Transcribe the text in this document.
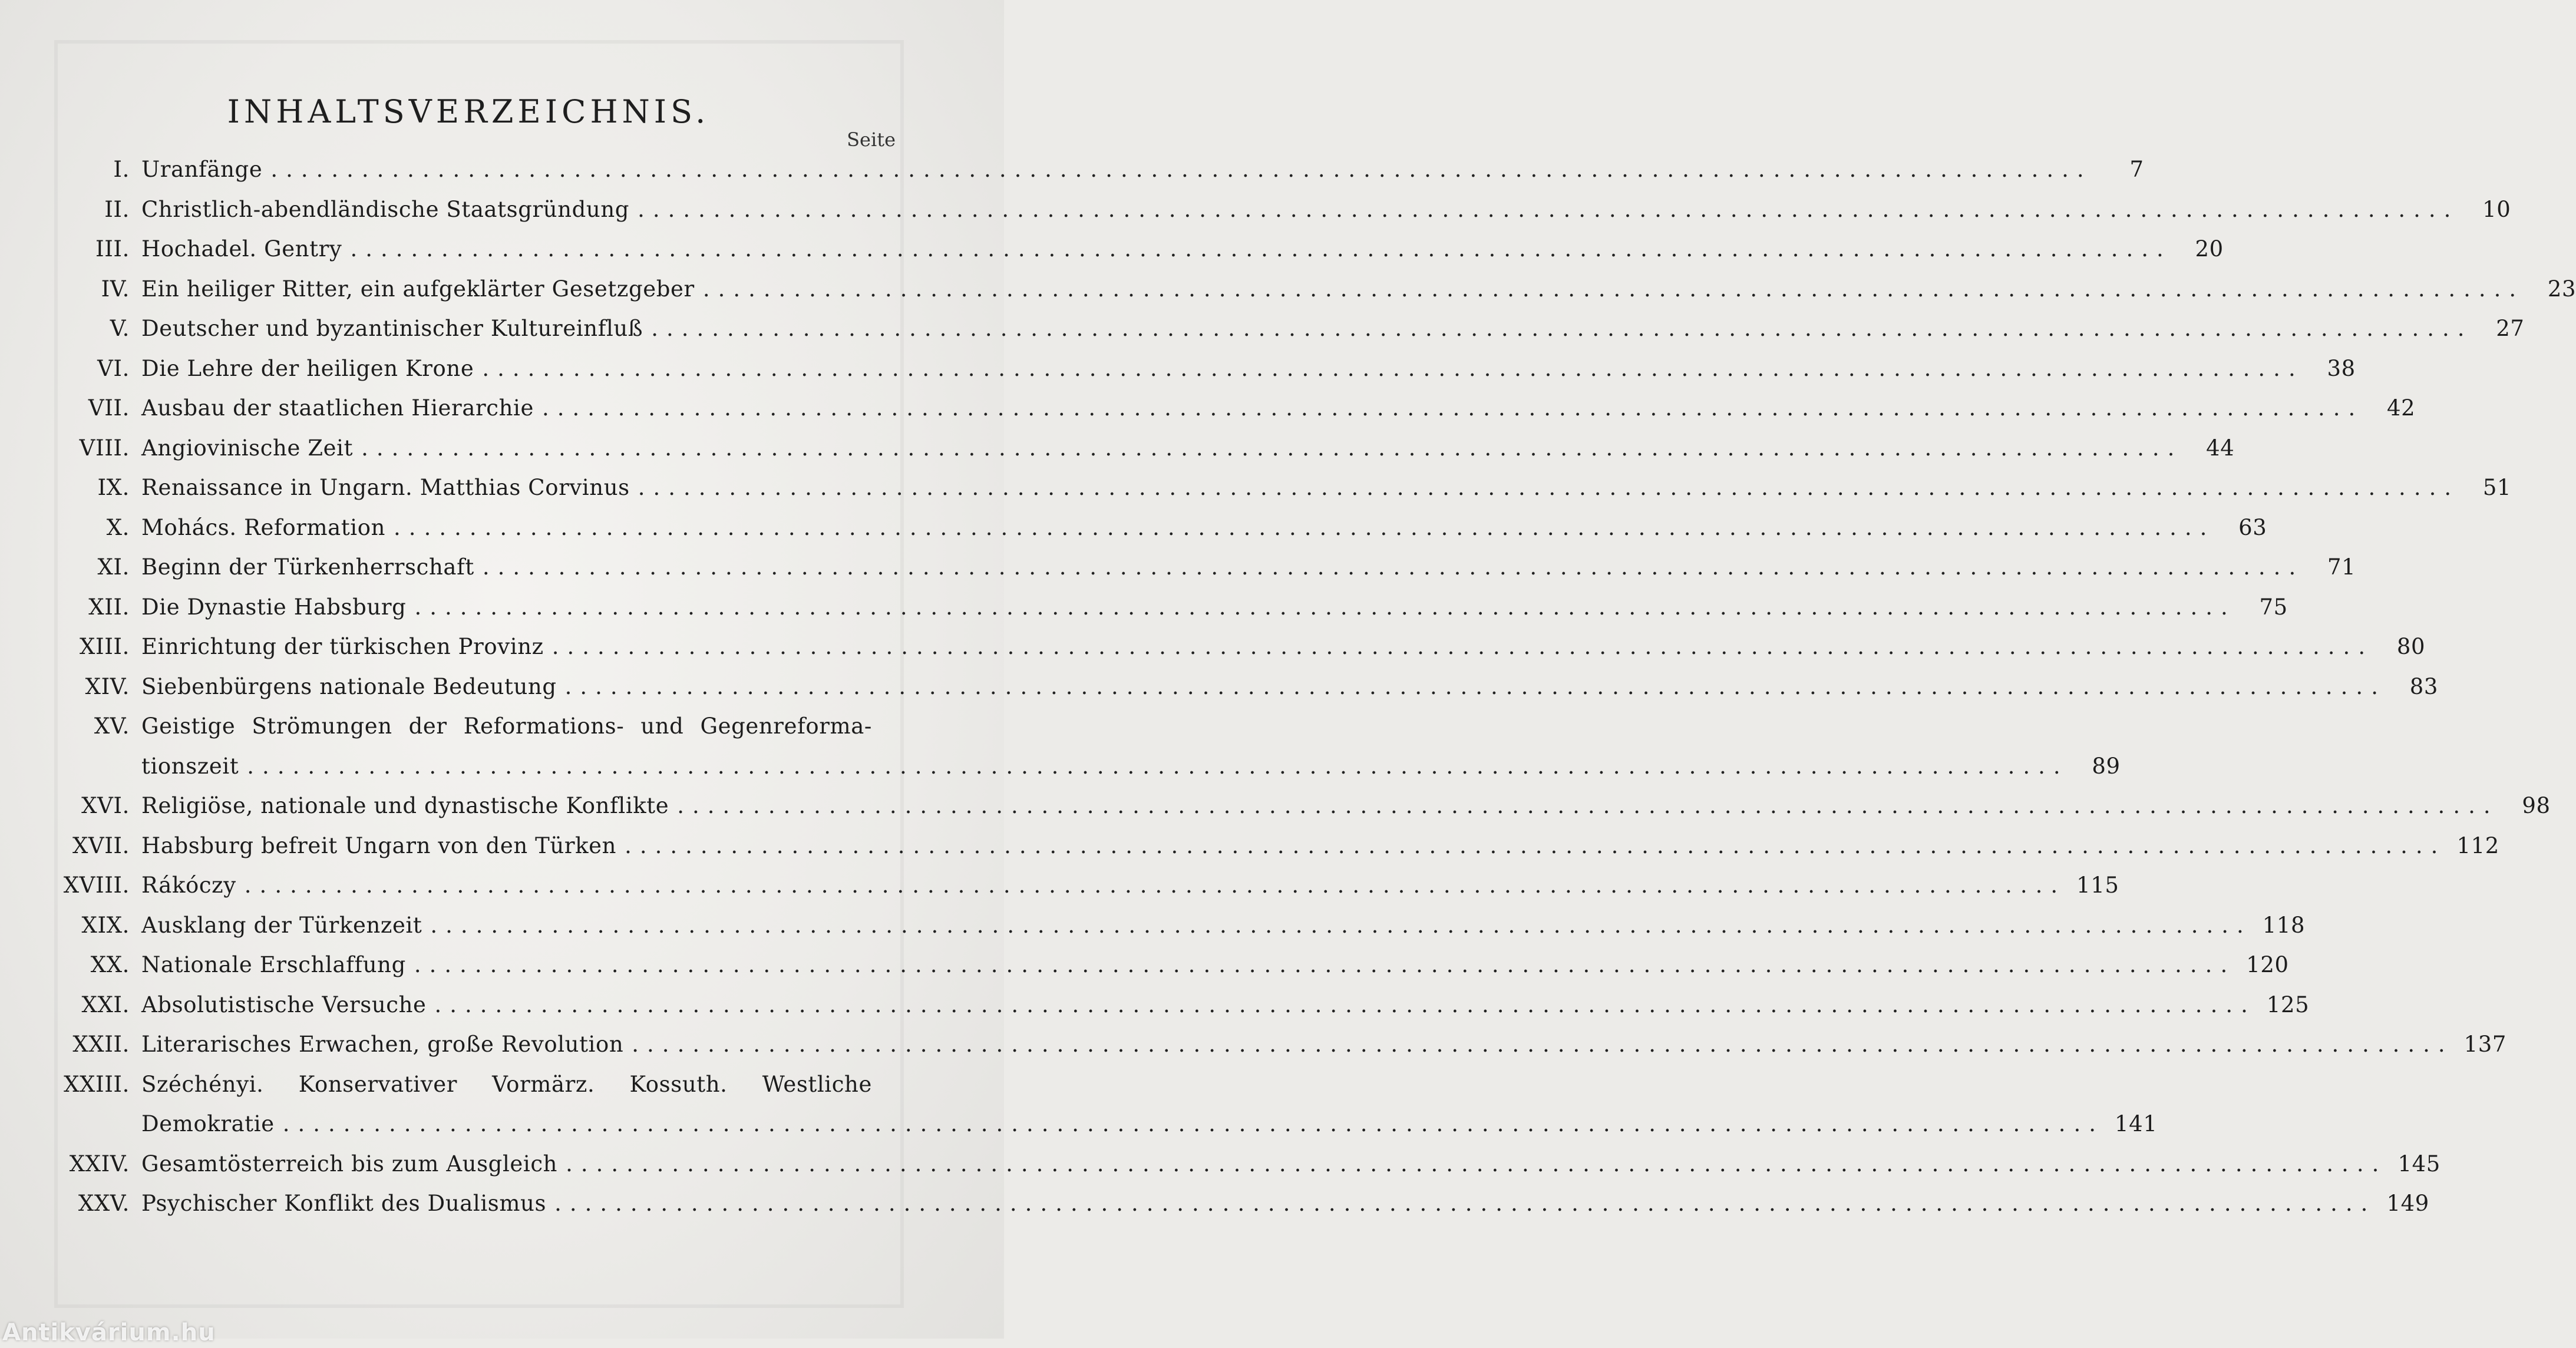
INHALTSVERZEICHNIS.
Seite
I. Uranfänge ........................................................................................................................	7
II. Christlich-abendländische Staatsgründung ........................................................................................................................	10
III. Hochadel. Gentry ........................................................................................................................	20
IV. Ein heiliger Ritter, ein aufgeklärter Gesetzgeber ........................................................................................................................	23
V. Deutscher und byzantinischer Kultureinfluß ........................................................................................................................	27
VI. Die Lehre der heiligen Krone ........................................................................................................................	38
VII. Ausbau der staatlichen Hierarchie ........................................................................................................................	42
VIII. Angiovinische Zeit ........................................................................................................................	44
IX. Renaissance in Ungarn. Matthias Corvinus ........................................................................................................................	51
X. Mohács. Reformation ........................................................................................................................	63
XI. Beginn der Türkenherrschaft ........................................................................................................................	71
XII. Die Dynastie Habsburg ........................................................................................................................	75
XIII. Einrichtung der türkischen Provinz ........................................................................................................................	80
XIV. Siebenbürgens nationale Bedeutung ........................................................................................................................	83
XV. Geistige Strömungen der Reformations- und Gegenreforma-
tionszeit ........................................................................................................................	89
XVI. Religiöse, nationale und dynastische Konflikte ........................................................................................................................	98
XVII. Habsburg befreit Ungarn von den Türken ........................................................................................................................ 112
XVIII. Rákóczy ........................................................................................................................ 115
XIX. Ausklang der Türkenzeit ........................................................................................................................ 118
XX. Nationale Erschlaffung ........................................................................................................................ 120
XXI. Absolutistische Versuche ........................................................................................................................ 125
XXII. Literarisches Erwachen, große Revolution ........................................................................................................................ 137
XXIII. Széchényi. Konservativer Vormärz. Kossuth. Westliche
Demokratie ........................................................................................................................ 141
XXIV. Gesamtösterreich bis zum Ausgleich ........................................................................................................................ 145
XXV. Psychischer Konflikt des Dualismus ........................................................................................................................ 149
Antikvárium.hu
